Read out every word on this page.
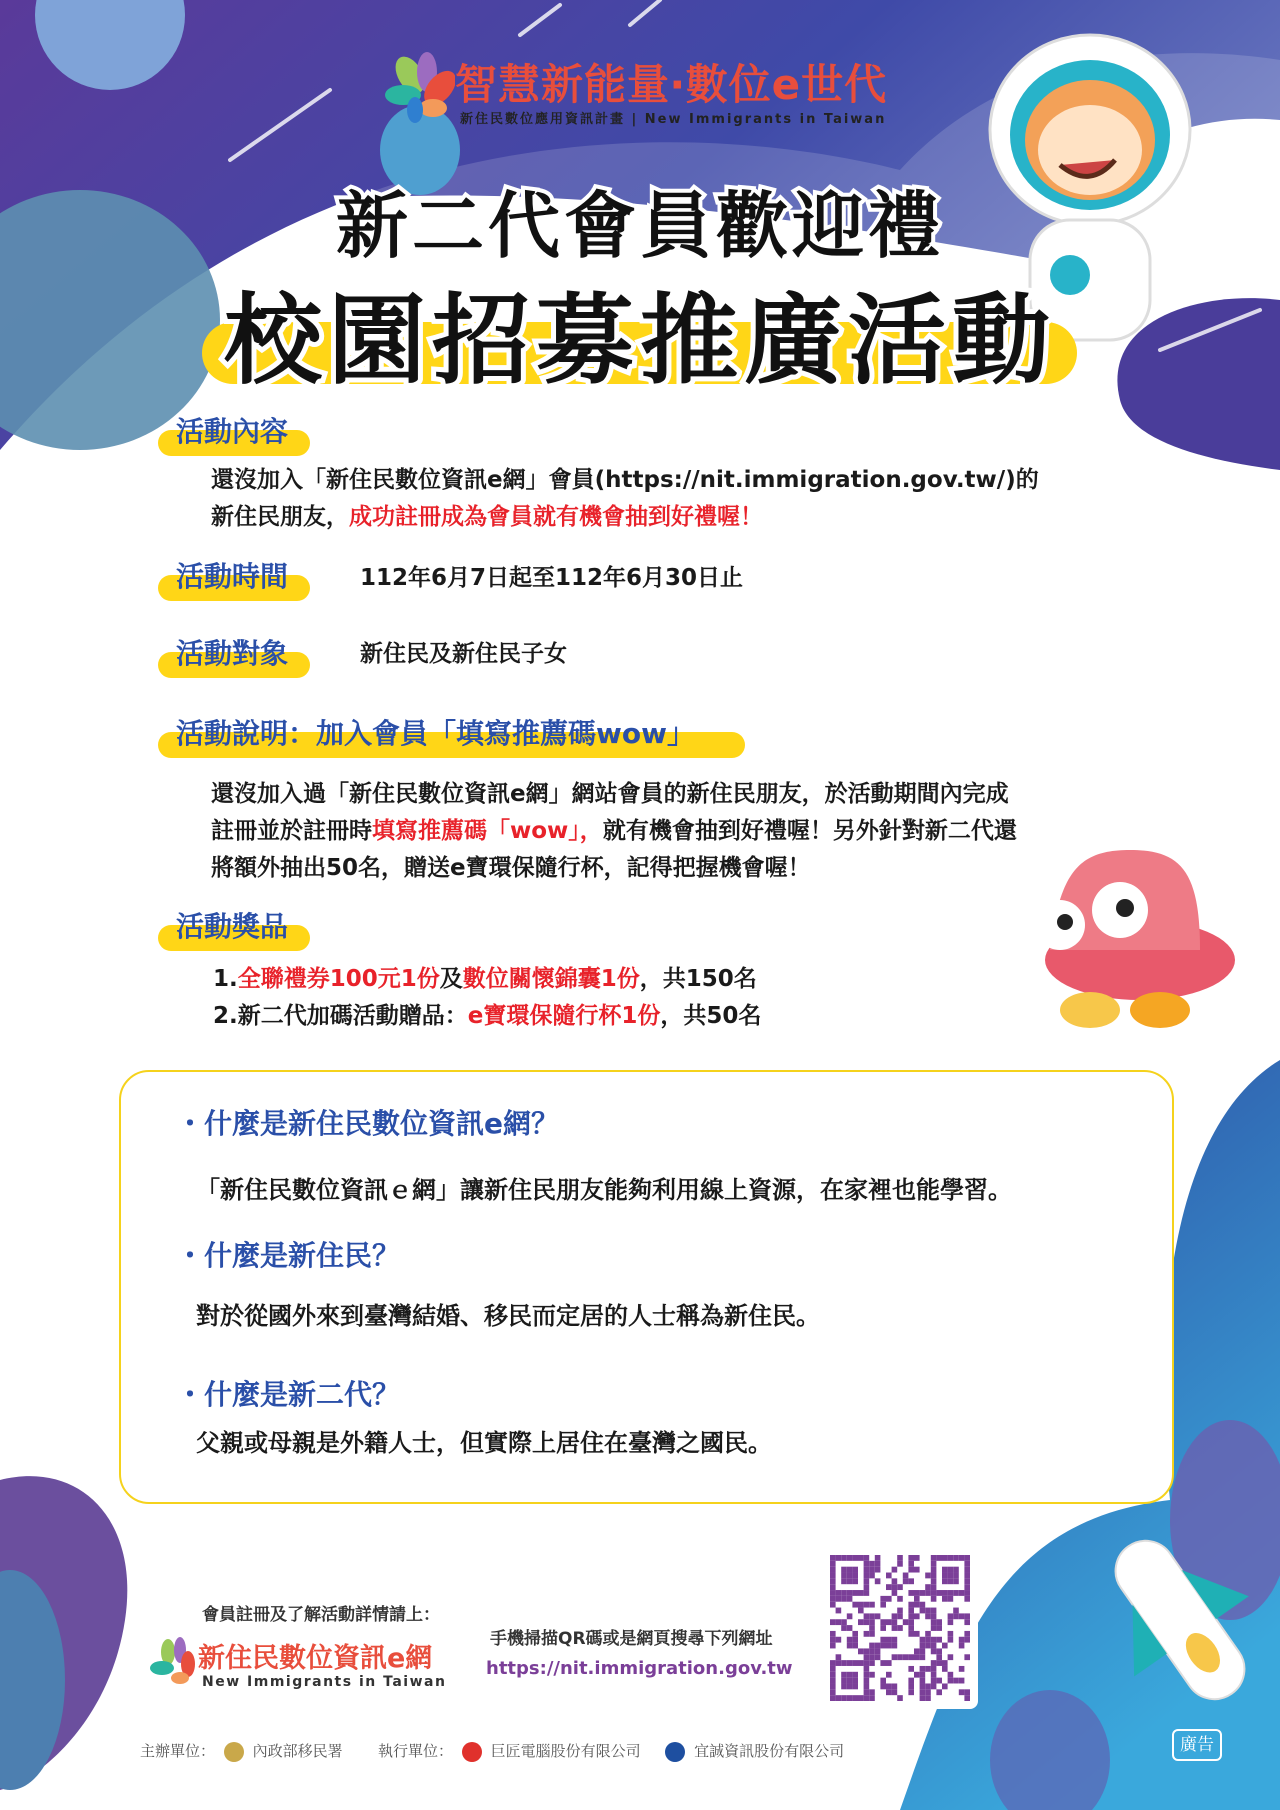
智慧新能量‧數位e世代
新住民數位應用資訊計畫 | New Immigrants in Taiwan
新二代會員歡迎禮
校園招募推廣活動
活動內容
還沒加入「新住民數位資訊e網」會員(https://nit.immigration.gov.tw/)的
新住民朋友，成功註冊成為會員就有機會抽到好禮喔！
活動時間	112年6月7日起至112年6月30日止
活動對象	新住民及新住民子女
活動說明：加入會員「填寫推薦碼wow」
還沒加入過「新住民數位資訊e網」網站會員的新住民朋友，於活動期間內完成
註冊並於註冊時填寫推薦碼「wow」，就有機會抽到好禮喔！另外針對新二代還
將額外抽出50名，贈送e寶環保隨行杯，記得把握機會喔！
活動獎品
1.全聯禮券100元1份及數位關懷錦囊1份，共150名
2.新二代加碼活動贈品：e寶環保隨行杯1份，共50名
・什麼是新住民數位資訊e網？
「新住民數位資訊ｅ網」讓新住民朋友能夠利用線上資源，在家裡也能學習。
・什麼是新住民？
對於從國外來到臺灣結婚、移民而定居的人士稱為新住民。
・什麼是新二代？
父親或母親是外籍人士，但實際上居住在臺灣之國民。
會員註冊及了解活動詳情請上：
新住民數位資訊e網
New Immigrants in Taiwan
手機掃描QR碼或是網頁搜尋下列網址
https://nit.immigration.gov.tw
主辦單位：	內政部移民署 執行單位：	巨匠電腦股份有限公司	宜誠資訊股份有限公司	廣告
